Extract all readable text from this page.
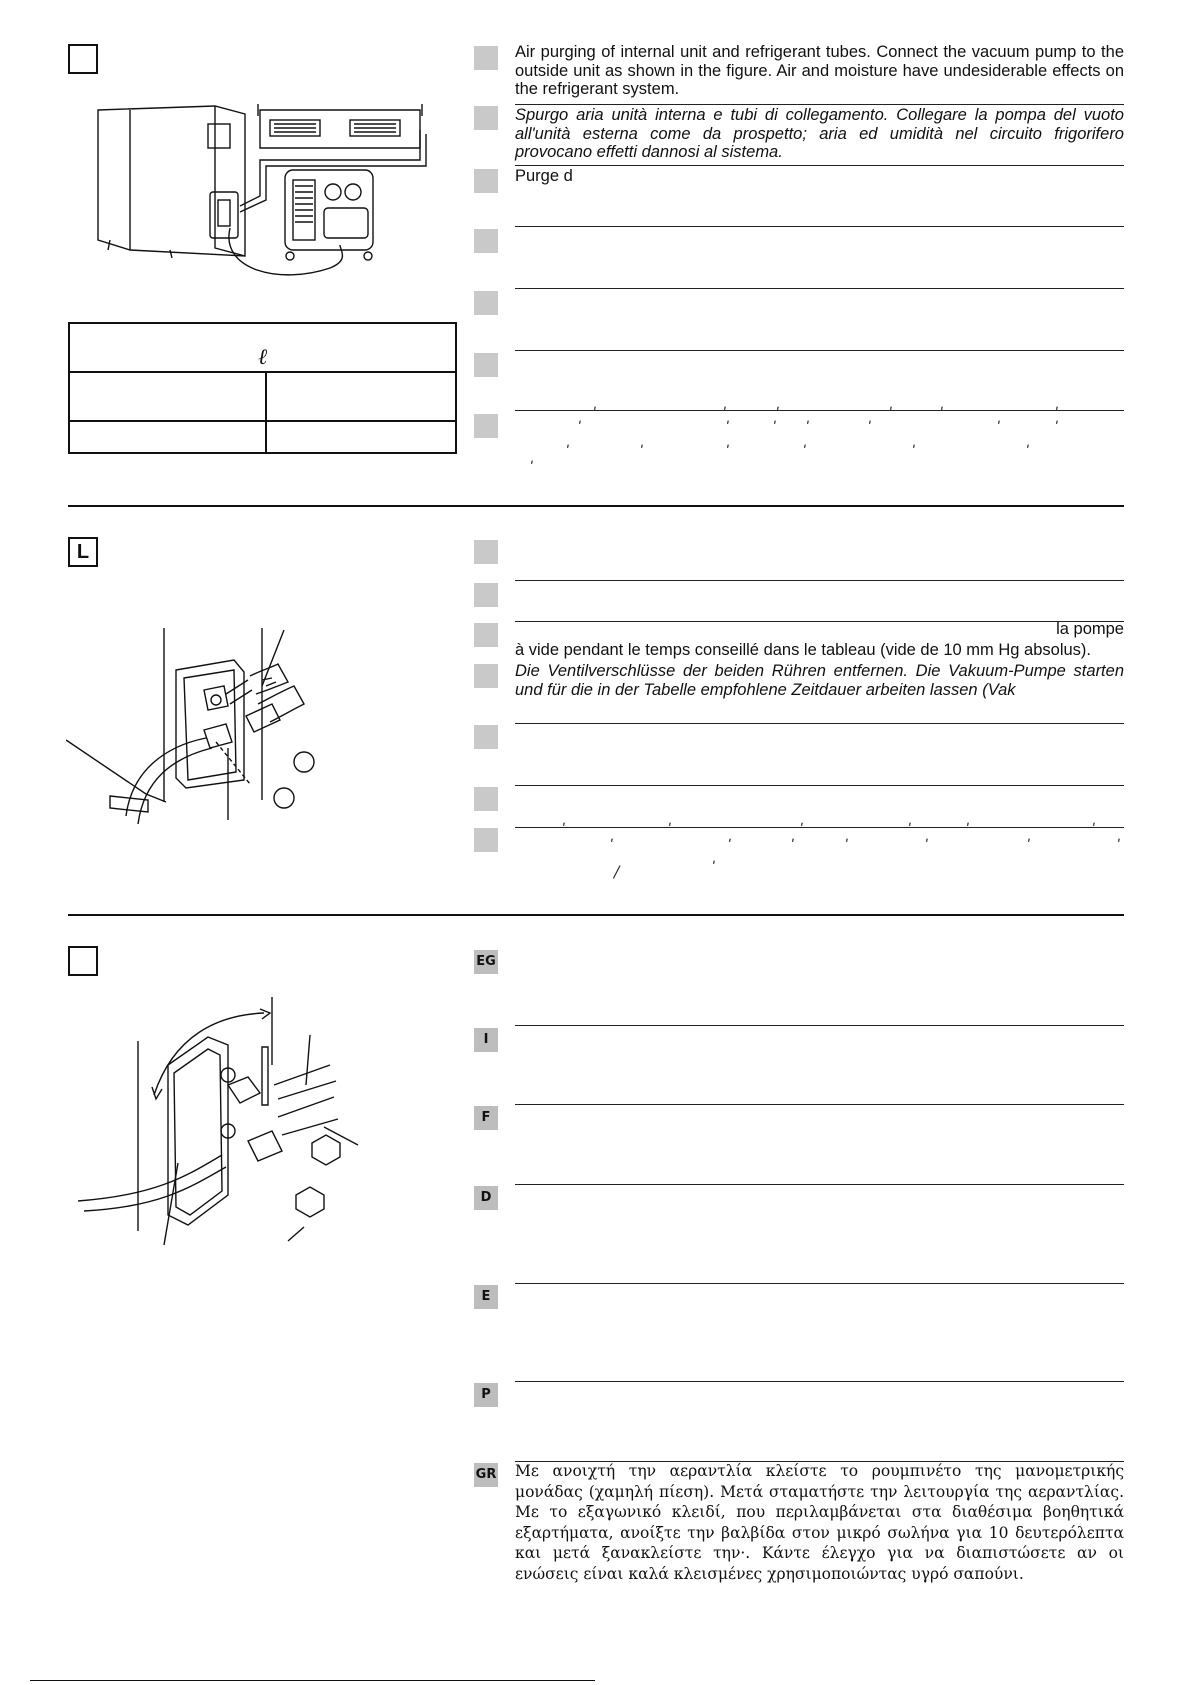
ℓ	

Air purging of internal unit and refrigerant tubes. Connect the vacuum pump to the outside unit as shown in the figure. Air and moisture have undesiderable effects on the refrigerant system.
Spurgo aria unità interna e tubi di collegamento. Collegare la pompa del vuoto all'unità esterna come da prospetto; aria ed umidità nel circuito frigorifero provocano effetti dannosi al sistema.
Purge d
ʹ	ʹ	ʹ	ʹ	ʹ	ʹ
ʹ	ʹ	ʹ ʹ	ʹ	ʹ	ʹ
ʹ	ʹ	ʹ	ʹ	ʹ	ʹ
ʹ
L
la pompe
à vide pendant le temps conseillé dans le tableau (vide de 10 mm Hg absolus).
Die Ventilverschlüsse der beiden Rühren entfernen. Die Vakuum-Pumpe starten und für die in der Tabelle empfohlene Zeitdauer arbeiten lassen (Vak
ʹ	ʹ	ʹ	ʹ	ʹ	ʹ
ʹ	ʹ	ʹ	ʹ	ʹ	ʹ	ʹ
/	ʹ
EG
I
F
D
E
P
GR Με ανοιχτή την αεραντλία κλείστε το ρουμπινέτο της μανομετρικής μονάδας (χαμηλή πίεση). Μετά σταματήστε την λειτουργία της αεραντλίας. Με το εξαγωνικό κλειδί, που περιλαμβάνεται στα διαθέσιμα βοηθητικά εξαρτήματα, ανοίξτε την βαλβίδα στον μικρό σωλήνα για 10 δευτερόλεπτα και μετά ξανακλείστε την·. Κάντε έλεγχο για να διαπιστώσετε αν οι ενώσεις είναι καλά κλεισμένες χρησιμοποιώντας υγρό σαπούνι.
